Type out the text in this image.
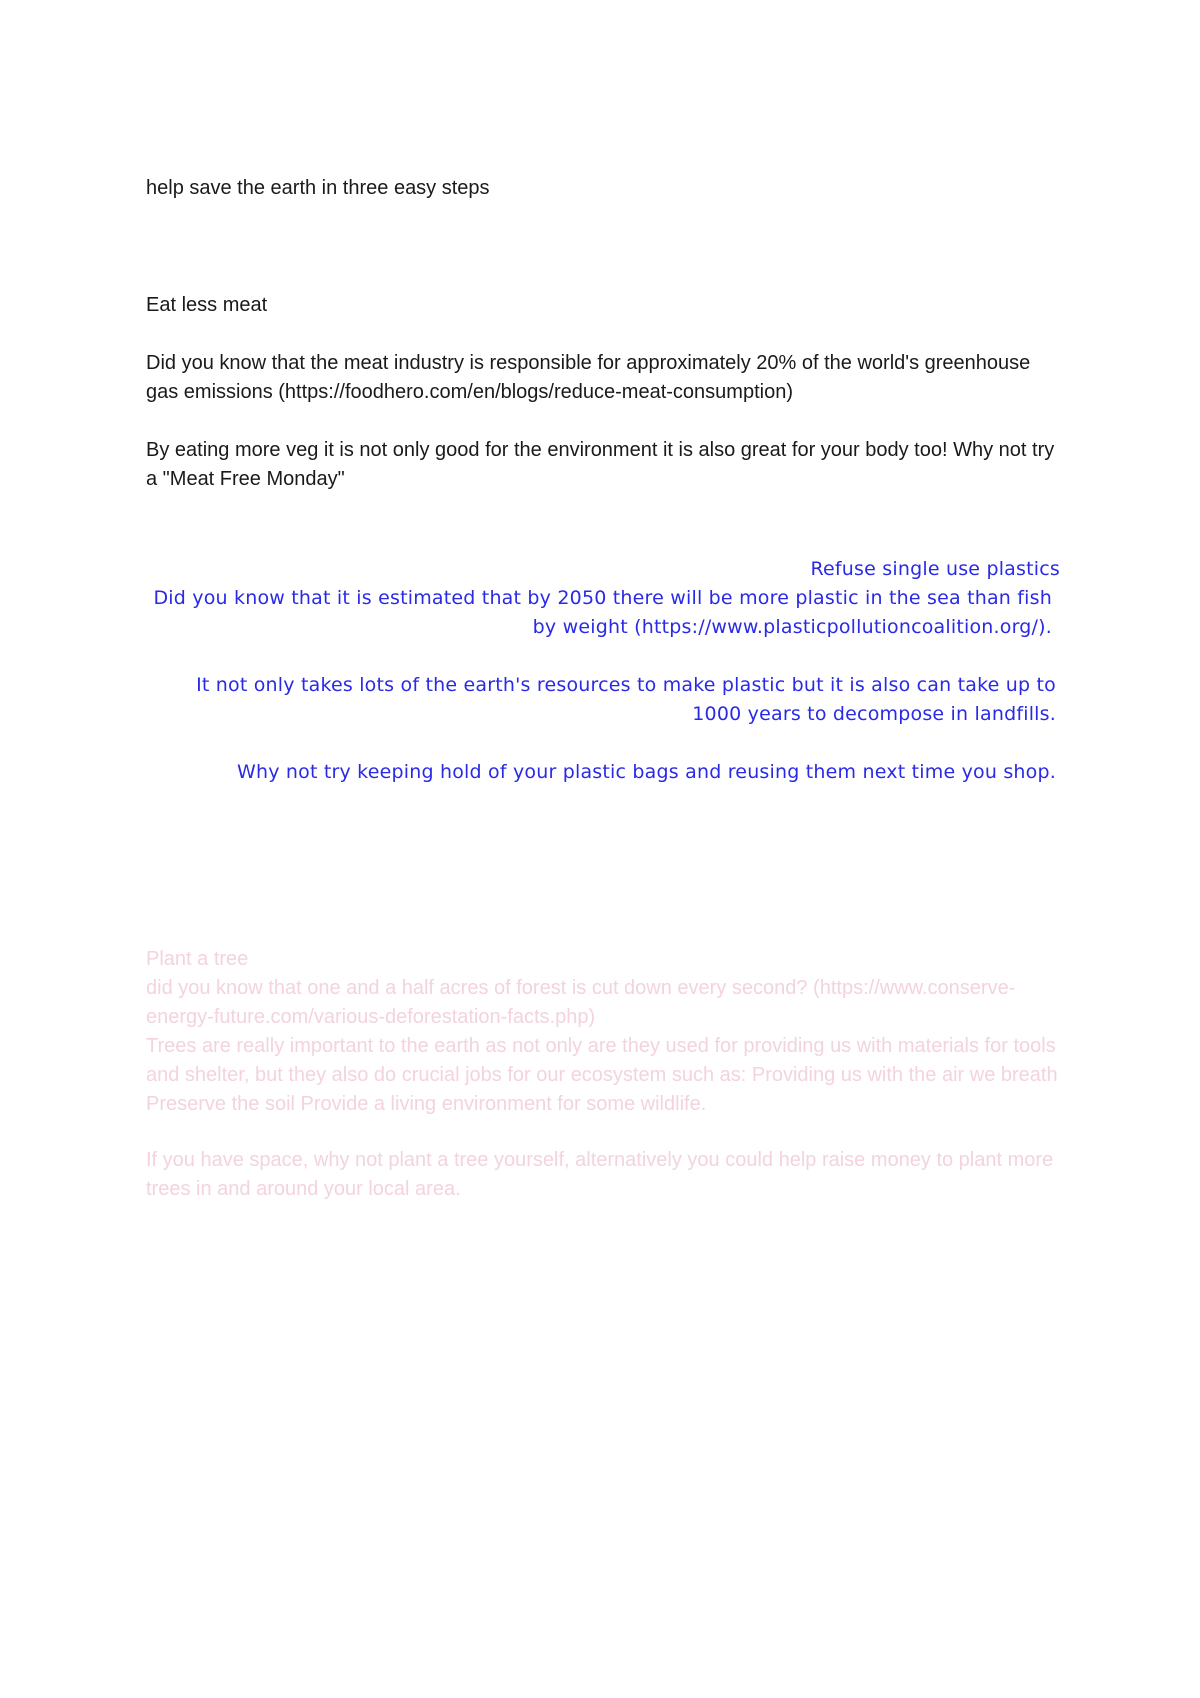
help save the earth in three easy steps

Eat less meat

Did you know that the meat industry is responsible for approximately 20% of the world's greenhouse gas emissions (https://foodhero.com/en/blogs/reduce-meat-consumption)

By eating more veg it is not only good for the environment it is also great for your body too! Why not try a "Meat Free Monday"

Refuse single use plastics

Did you know that it is estimated that by 2050 there will be more plastic in the sea than fish by weight (https://www.plasticpollutioncoalition.org/).

It not only takes lots of the earth's resources to make plastic but it is also can take up to 1000 years to decompose in landfills.

Why not try keeping hold of your plastic bags and reusing them next time you shop.

Plant a tree

did you know that one and a half acres of forest is cut down every second? (https://www.conserve-energy-future.com/various-deforestation-facts.php)

Trees are really important to the earth as not only are they used for providing us with materials for tools and shelter, but they also do crucial jobs for our ecosystem such as: Providing us with the air we breath Preserve the soil Provide a living environment for some wildlife.

If you have space, why not plant a tree yourself, alternatively you could help raise money to plant more trees in and around your local area.
